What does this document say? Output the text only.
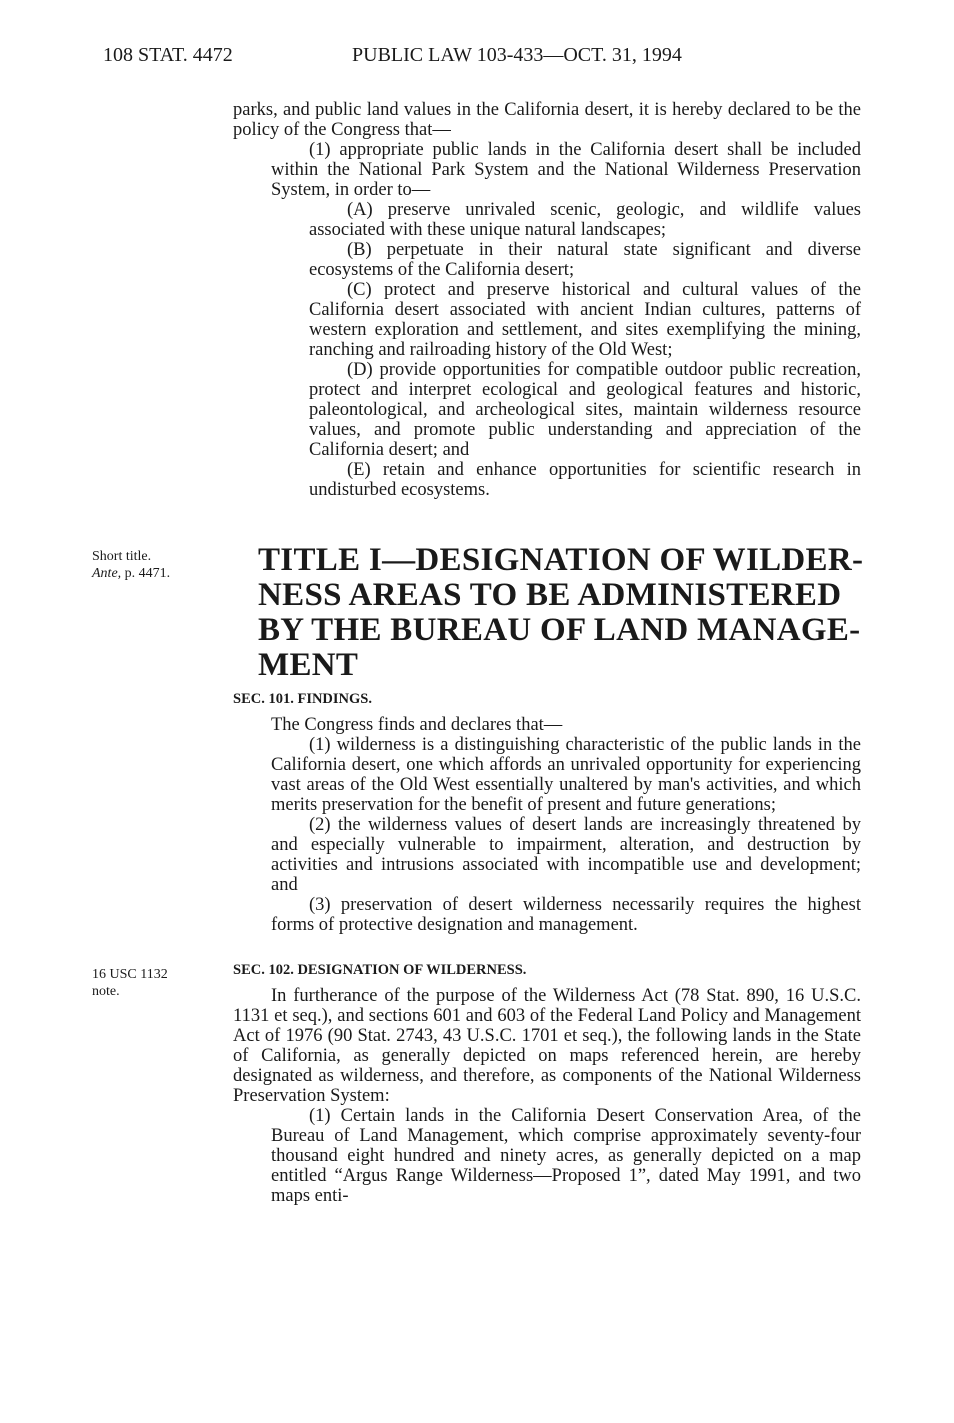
108 STAT. 4472	PUBLIC LAW 103-433—OCT. 31, 1994

parks, and public land values in the California desert, it is hereby declared to be the policy of the Congress that—

(1) appropriate public lands in the California desert shall be included within the National Park System and the National Wilderness Preservation System, in order to—

(A) preserve unrivaled scenic, geologic, and wildlife values associated with these unique natural landscapes;

(B) perpetuate in their natural state significant and diverse ecosystems of the California desert;

(C) protect and preserve historical and cultural values of the California desert associated with ancient Indian cultures, patterns of western exploration and settlement, and sites exemplifying the mining, ranching and railroading history of the Old West;

(D) provide opportunities for compatible outdoor public recreation, protect and interpret ecological and geological features and historic, paleontological, and archeological sites, maintain wilderness resource values, and promote public understanding and appreciation of the California desert; and

(E) retain and enhance opportunities for scientific research in undisturbed ecosystems.

Short title.
Ante, p. 4471.	TITLE I—DESIGNATION OF WILDER-
NESS AREAS TO BE ADMINISTERED
BY THE BUREAU OF LAND MANAGE-
MENT
SEC. 101. FINDINGS.

The Congress finds and declares that—

(1) wilderness is a distinguishing characteristic of the public lands in the California desert, one which affords an unrivaled opportunity for experiencing vast areas of the Old West essentially unaltered by man's activities, and which merits preservation for the benefit of present and future generations;

(2) the wilderness values of desert lands are increasingly threatened by and especially vulnerable to impairment, alteration, and destruction by activities and intrusions associated with incompatible use and development; and

(3) preservation of desert wilderness necessarily requires the highest forms of protective designation and management.

16 USC 1132
note.
SEC. 102. DESIGNATION OF WILDERNESS.

In furtherance of the purpose of the Wilderness Act (78 Stat. 890, 16 U.S.C. 1131 et seq.), and sections 601 and 603 of the Federal Land Policy and Management Act of 1976 (90 Stat. 2743, 43 U.S.C. 1701 et seq.), the following lands in the State of California, as generally depicted on maps referenced herein, are hereby designated as wilderness, and therefore, as components of the National Wilderness Preservation System:

(1) Certain lands in the California Desert Conservation Area, of the Bureau of Land Management, which comprise approximately seventy-four thousand eight hundred and ninety acres, as generally depicted on a map entitled “Argus Range Wilderness—Proposed 1”, dated May 1991, and two maps enti-
